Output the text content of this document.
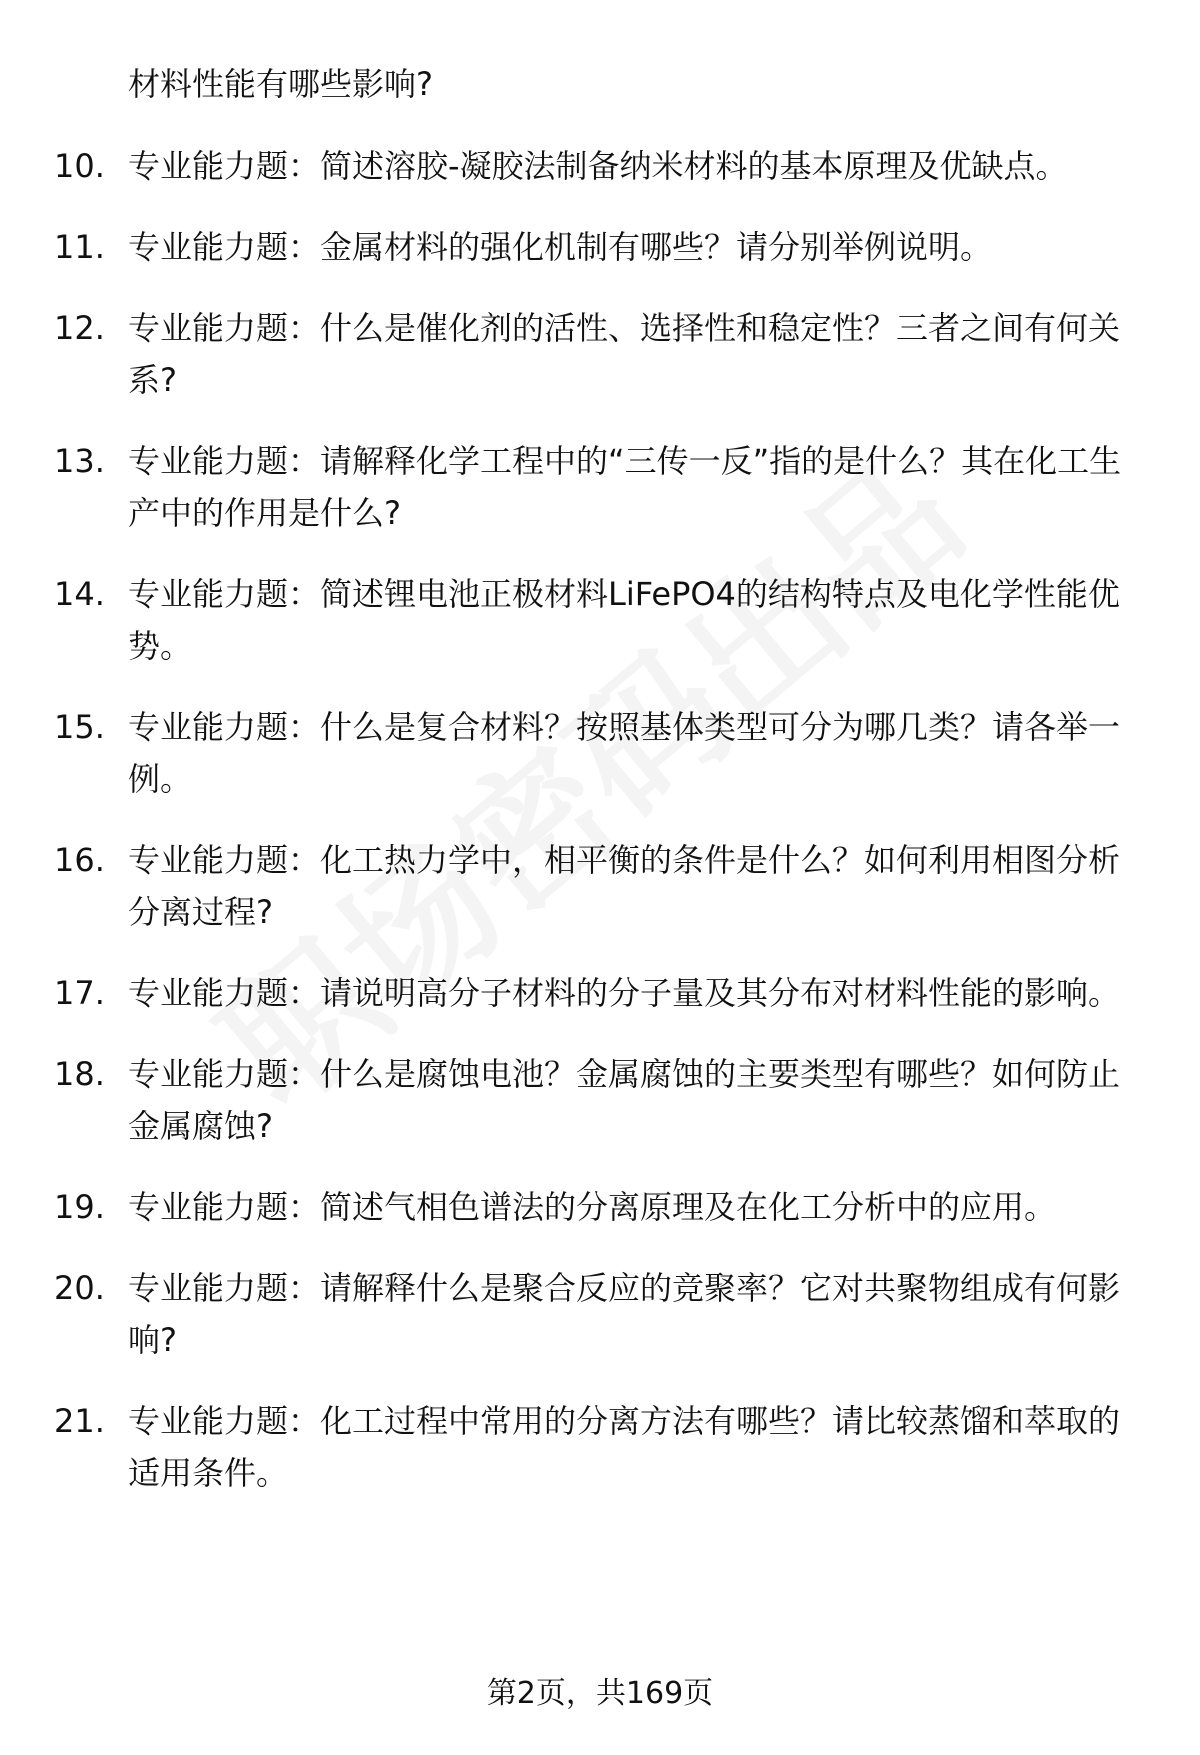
材料性能有哪些影响?

10. 专业能力题：简述溶胶-凝胶法制备纳米材料的基本原理及优缺点。
11. 专业能力题：金属材料的强化机制有哪些？请分别举例说明。
12. 专业能力题：什么是催化剂的活性、选择性和稳定性？三者之间有何关系?
13. 专业能力题：请解释化学工程中的“三传一反”指的是什么？其在化工生产中的作用是什么?
14. 专业能力题：简述锂电池正极材料LiFePO4的结构特点及电化学性能优势。
15. 专业能力题：什么是复合材料？按照基体类型可分为哪几类？请各举一例。
16. 专业能力题：化工热力学中，相平衡的条件是什么？如何利用相图分析分离过程?
17. 专业能力题：请说明高分子材料的分子量及其分布对材料性能的影响。
18. 专业能力题：什么是腐蚀电池？金属腐蚀的主要类型有哪些？如何防止金属腐蚀?
19. 专业能力题：简述气相色谱法的分离原理及在化工分析中的应用。
20. 专业能力题：请解释什么是聚合反应的竞聚率？它对共聚物组成有何影响?
21. 专业能力题：化工过程中常用的分离方法有哪些？请比较蒸馏和萃取的适用条件。
第2页，共169页
